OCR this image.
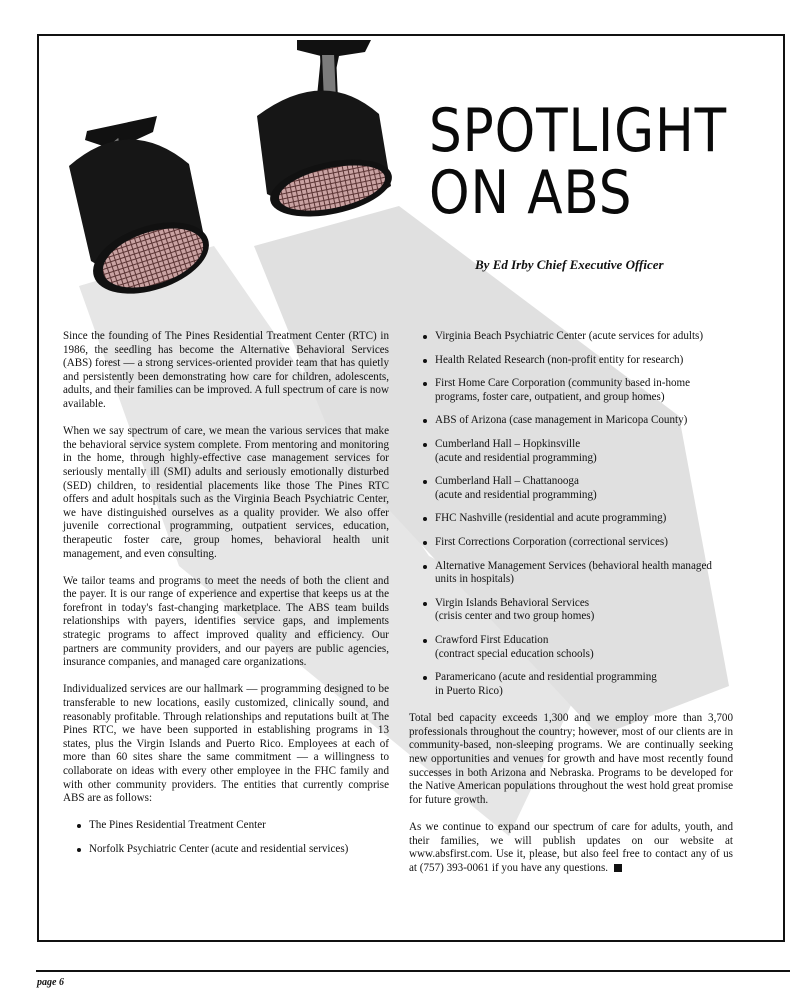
SPOTLIGHT
ON ABS

By Ed Irby Chief Executive Officer

Since the founding of The Pines Residential Treatment Center (RTC) in 1986, the seedling has become the Alternative Behavioral Services (ABS) forest — a strong services-oriented provider team that has quietly and persistently been demonstrating how care for children, adolescents, adults, and their families can be improved. A full spectrum of care is now available.

When we say spectrum of care, we mean the various services that make the behavioral service system complete. From mentoring and monitoring in the home, through highly-effective case management services for seriously mentally ill (SMI) adults and seriously emotionally disturbed (SED) children, to residential placements like those The Pines RTC offers and adult hospitals such as the Virginia Beach Psychiatric Center, we have distinguished ourselves as a quality provider. We also offer juvenile correctional programming, outpatient services, education, therapeutic foster care, group homes, behavioral health unit management, and even consulting.

We tailor teams and programs to meet the needs of both the client and the payer. It is our range of experience and expertise that keeps us at the forefront in today's fast-changing marketplace. The ABS team builds relationships with payers, identifies service gaps, and implements strategic programs to affect improved quality and efficiency. Our partners are community providers, and our payers are public agencies, insurance companies, and managed care organizations.

Individualized services are our hallmark — programming designed to be transferable to new locations, easily customized, clinically sound, and reasonably profitable. Through relationships and reputations built at The Pines RTC, we have been supported in establishing programs in 13 states, plus the Virgin Islands and Puerto Rico. Employees at each of more than 60 sites share the same commitment — a willingness to collaborate on ideas with every other employee in the FHC family and with other community providers. The entities that currently comprise ABS are as follows:

The Pines Residential Treatment Center
Norfolk Psychiatric Center (acute and residential services)
Virginia Beach Psychiatric Center (acute services for adults)
Health Related Research (non-profit entity for research)
First Home Care Corporation (community based in-home programs, foster care, outpatient, and group homes)
ABS of Arizona (case management in Maricopa County)
Cumberland Hall – Hopkinsville
(acute and residential programming)
Cumberland Hall – Chattanooga
(acute and residential programming)
FHC Nashville (residential and acute programming)
First Corrections Corporation (correctional services)
Alternative Management Services (behavioral health managed units in hospitals)
Virgin Islands Behavioral Services
(crisis center and two group homes)
Crawford First Education
(contract special education schools)
Paramericano (acute and residential programming
in Puerto Rico)

Total bed capacity exceeds 1,300 and we employ more than 3,700 professionals throughout the country; however, most of our clients are in community-based, non-sleeping programs. We are continually seeking new opportunities and venues for growth and have most recently found successes in both Arizona and Nebraska. Programs to be developed for the Native American populations throughout the west hold great promise for future growth.

As we continue to expand our spectrum of care for adults, youth, and their families, we will publish updates on our website at www.absfirst.com. Use it, please, but also feel free to contact any of us at (757) 393-0061 if you have any questions.

page 6
